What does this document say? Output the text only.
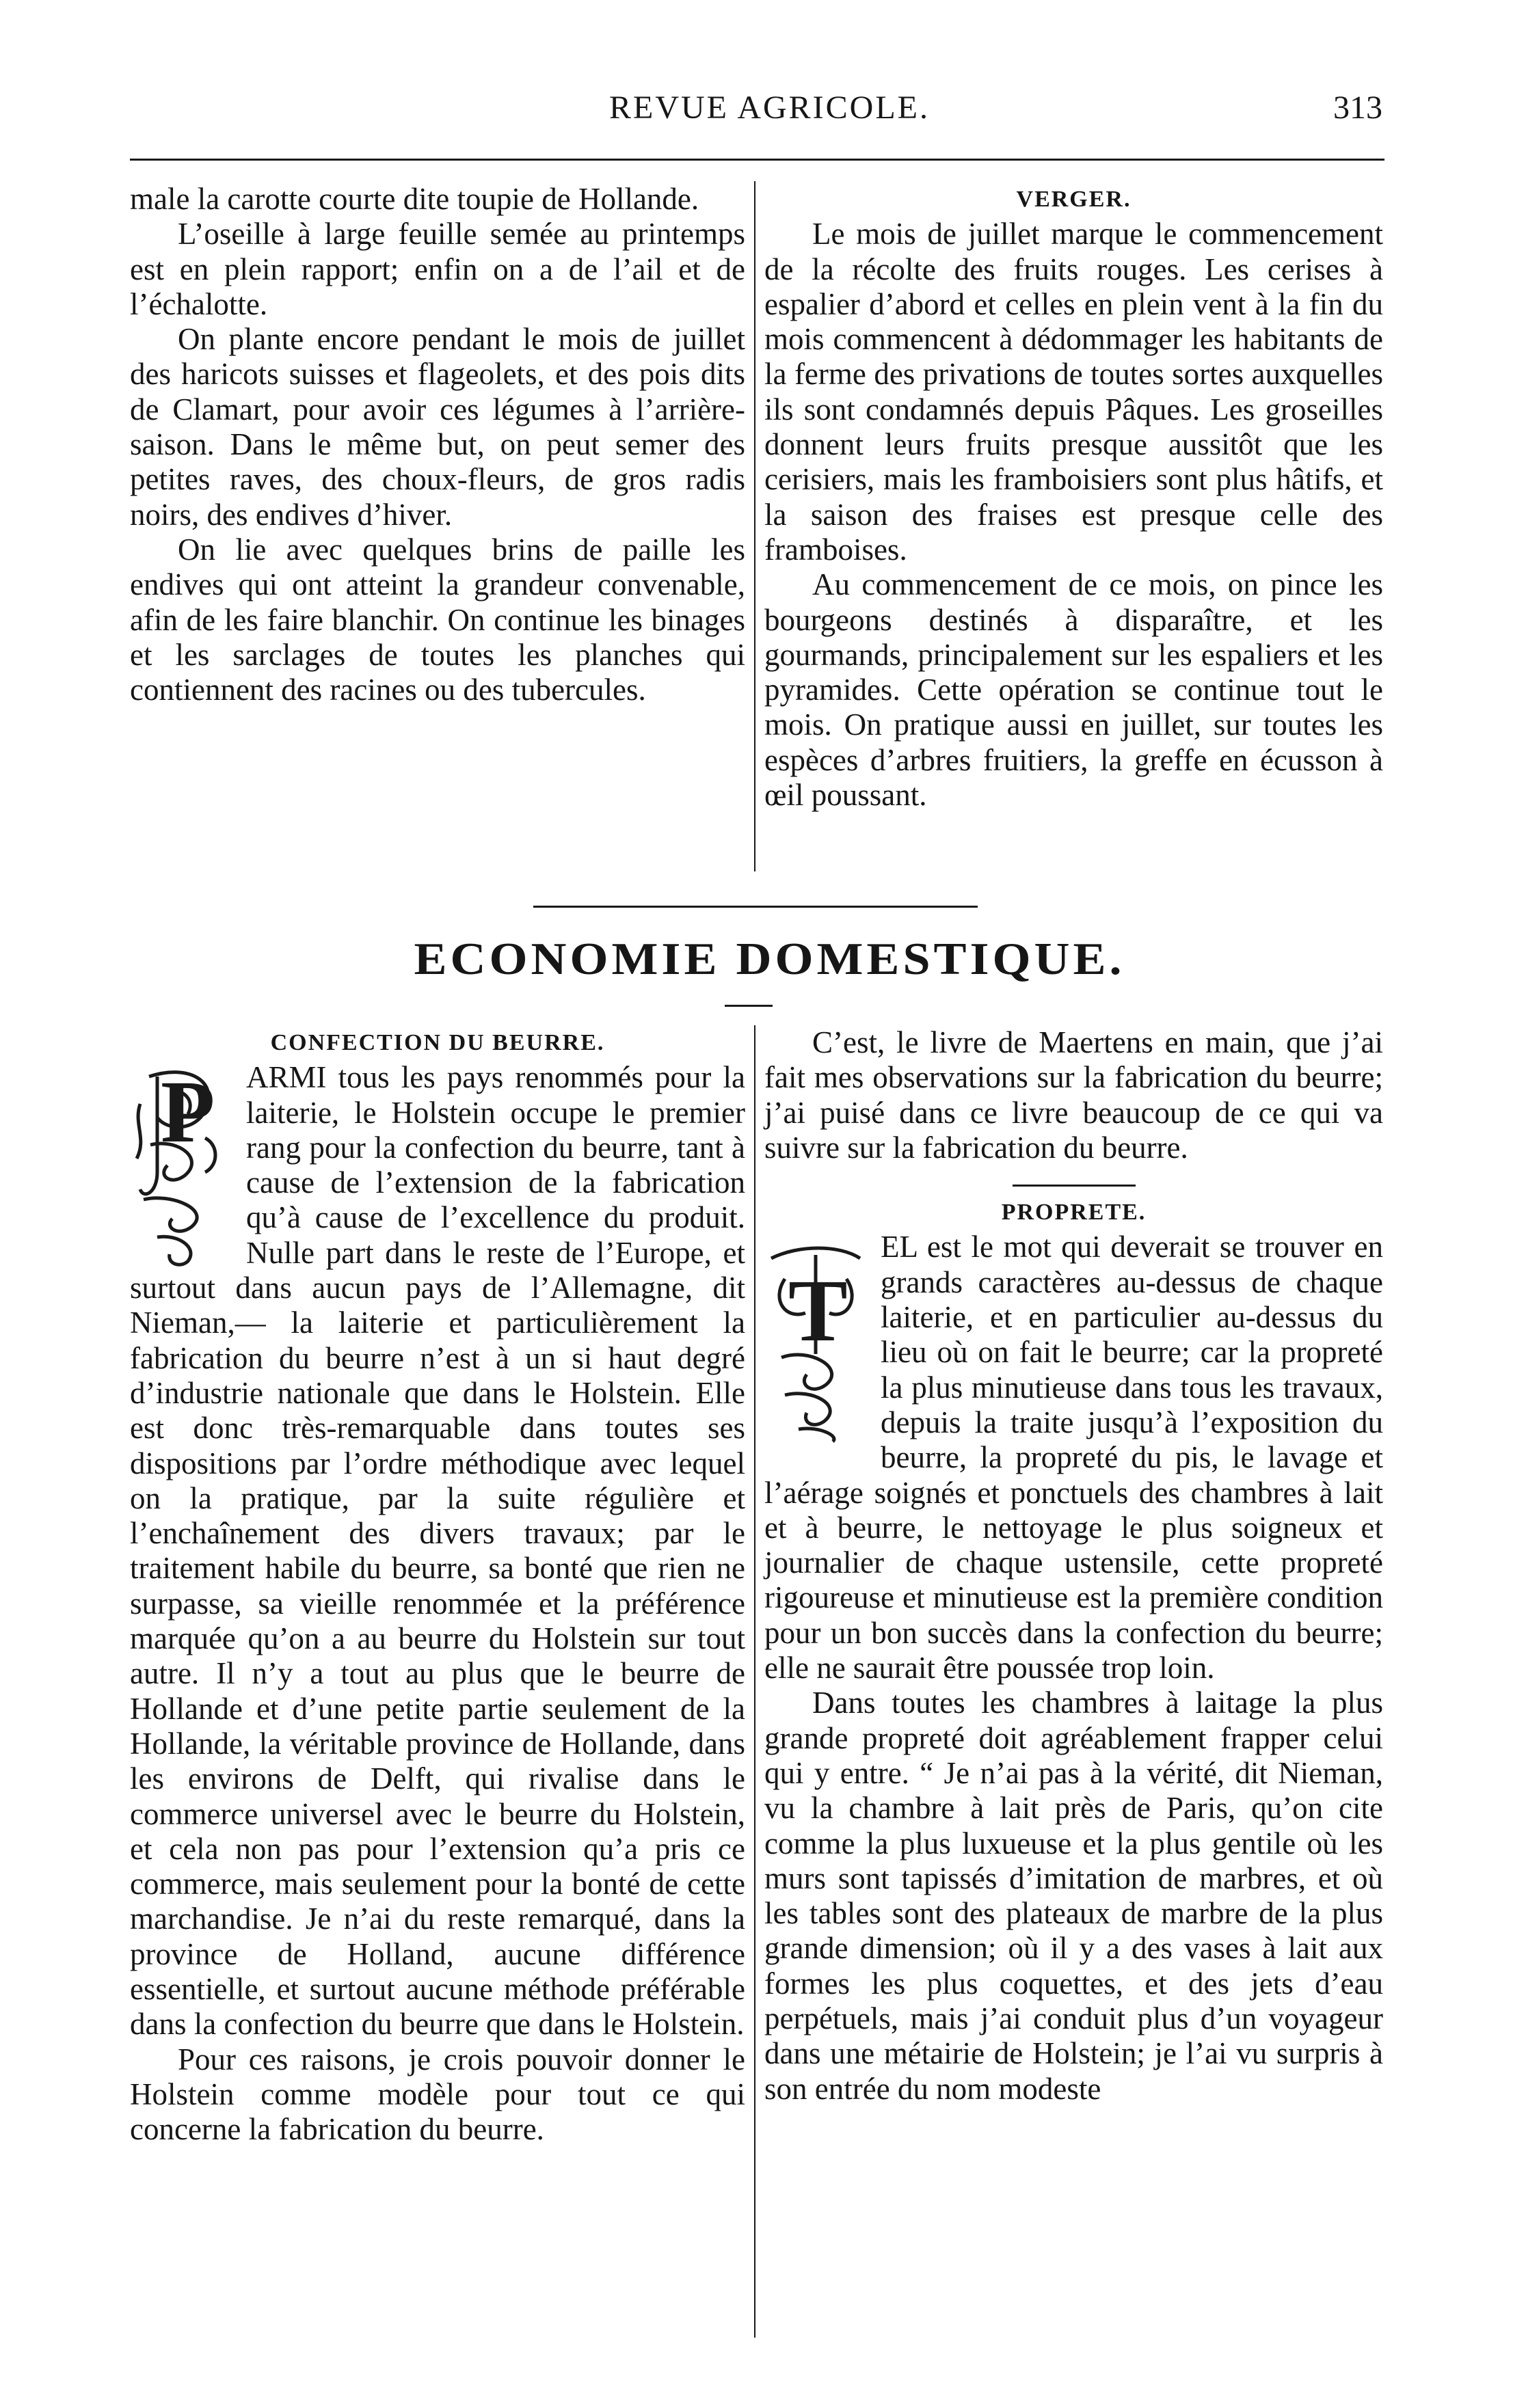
REVUE AGRICOLE.	313

male la carotte courte dite toupie de Hollande.

L’oseille à large feuille semée au printemps est en plein rapport; enfin on a de l’ail et de l’échalotte.

On plante encore pendant le mois de juillet des haricots suisses et flageolets, et des pois dits de Clamart, pour avoir ces légumes à l’arrière-saison. Dans le même but, on peut semer des petites raves, des choux-fleurs, de gros radis noirs, des endives d’hiver.

On lie avec quelques brins de paille les endives qui ont atteint la grandeur convenable, afin de les faire blanchir. On continue les binages et les sarclages de toutes les planches qui contiennent des racines ou des tubercules.

VERGER.

Le mois de juillet marque le commencement de la récolte des fruits rouges. Les cerises à espalier d’abord et celles en plein vent à la fin du mois commencent à dédommager les habitants de la ferme des privations de toutes sortes auxquelles ils sont condamnés depuis Pâques. Les groseilles donnent leurs fruits presque aussitôt que les cerisiers, mais les framboisiers sont plus hâtifs, et la saison des fraises est presque celle des framboises.

Au commencement de ce mois, on pince les bourgeons destinés à disparaître, et les gourmands, principalement sur les espaliers et les pyramides. Cette opération se continue tout le mois. On pratique aussi en juillet, sur toutes les espèces d’arbres fruitiers, la greffe en écusson à œil poussant.

ECONOMIE DOMESTIQUE.
CONFECTION DU BEURRE.
P	ARMI tous les pays renommés pour la laiterie, le Holstein occupe le premier rang pour la confection du beurre, tant à cause de l’extension de la fabrication qu’à cause de l’excellence du produit. Nulle part dans le reste de l’Europe, et surtout dans aucun pays de l’Allemagne, dit Nieman,— la laiterie et particulièrement la fabrication du beurre n’est à un si haut degré d’industrie nationale que dans le Holstein. Elle est donc très-remarquable dans toutes ses dispositions par l’ordre méthodique avec lequel on la pratique, par la suite régulière et l’enchaînement des divers travaux; par le traitement habile du beurre, sa bonté que rien ne surpasse, sa vieille renommée et la préférence marquée qu’on a au beurre du Holstein sur tout autre. Il n’y a tout au plus que le beurre de Hollande et d’une petite partie seulement de la Hollande, la véritable province de Hollande, dans les environs de Delft, qui rivalise dans le commerce universel avec le beurre du Holstein, et cela non pas pour l’extension qu’a pris ce commerce, mais seulement pour la bonté de cette marchandise. Je n’ai du reste remarqué, dans la province de Holland, aucune différence essentielle, et surtout aucune méthode préférable dans la confection du beurre que dans le Holstein.

Pour ces raisons, je crois pouvoir donner le Holstein comme modèle pour tout ce qui concerne la fabrication du beurre.

C’est, le livre de Maertens en main, que j’ai fait mes observations sur la fabrication du beurre; j’ai puisé dans ce livre beaucoup de ce qui va suivre sur la fabrication du beurre.

PROPRETE.
T

EL est le mot qui deverait se trouver en grands caractères au-dessus de chaque laiterie, et en particulier au-dessus du lieu où on fait le beurre; car la propreté la plus minutieuse dans tous les travaux, depuis la traite jusqu’à l’exposition du beurre, la propreté du pis, le lavage et l’aérage soignés et ponctuels des chambres à lait et à beurre, le nettoyage le plus soigneux et journalier de chaque ustensile, cette propreté rigoureuse et minutieuse est la première condition pour un bon succès dans la confection du beurre; elle ne saurait être poussée trop loin.

Dans toutes les chambres à laitage la plus grande propreté doit agréablement frapper celui qui y entre. “ Je n’ai pas à la vérité, dit Nieman, vu la chambre à lait près de Paris, qu’on cite comme la plus luxueuse et la plus gentile où les murs sont tapissés d’imitation de marbres, et où les tables sont des plateaux de marbre de la plus grande dimension; où il y a des vases à lait aux formes les plus coquettes, et des jets d’eau perpétuels, mais j’ai conduit plus d’un voyageur dans une métairie de Holstein; je l’ai vu surpris à son entrée du nom modeste
